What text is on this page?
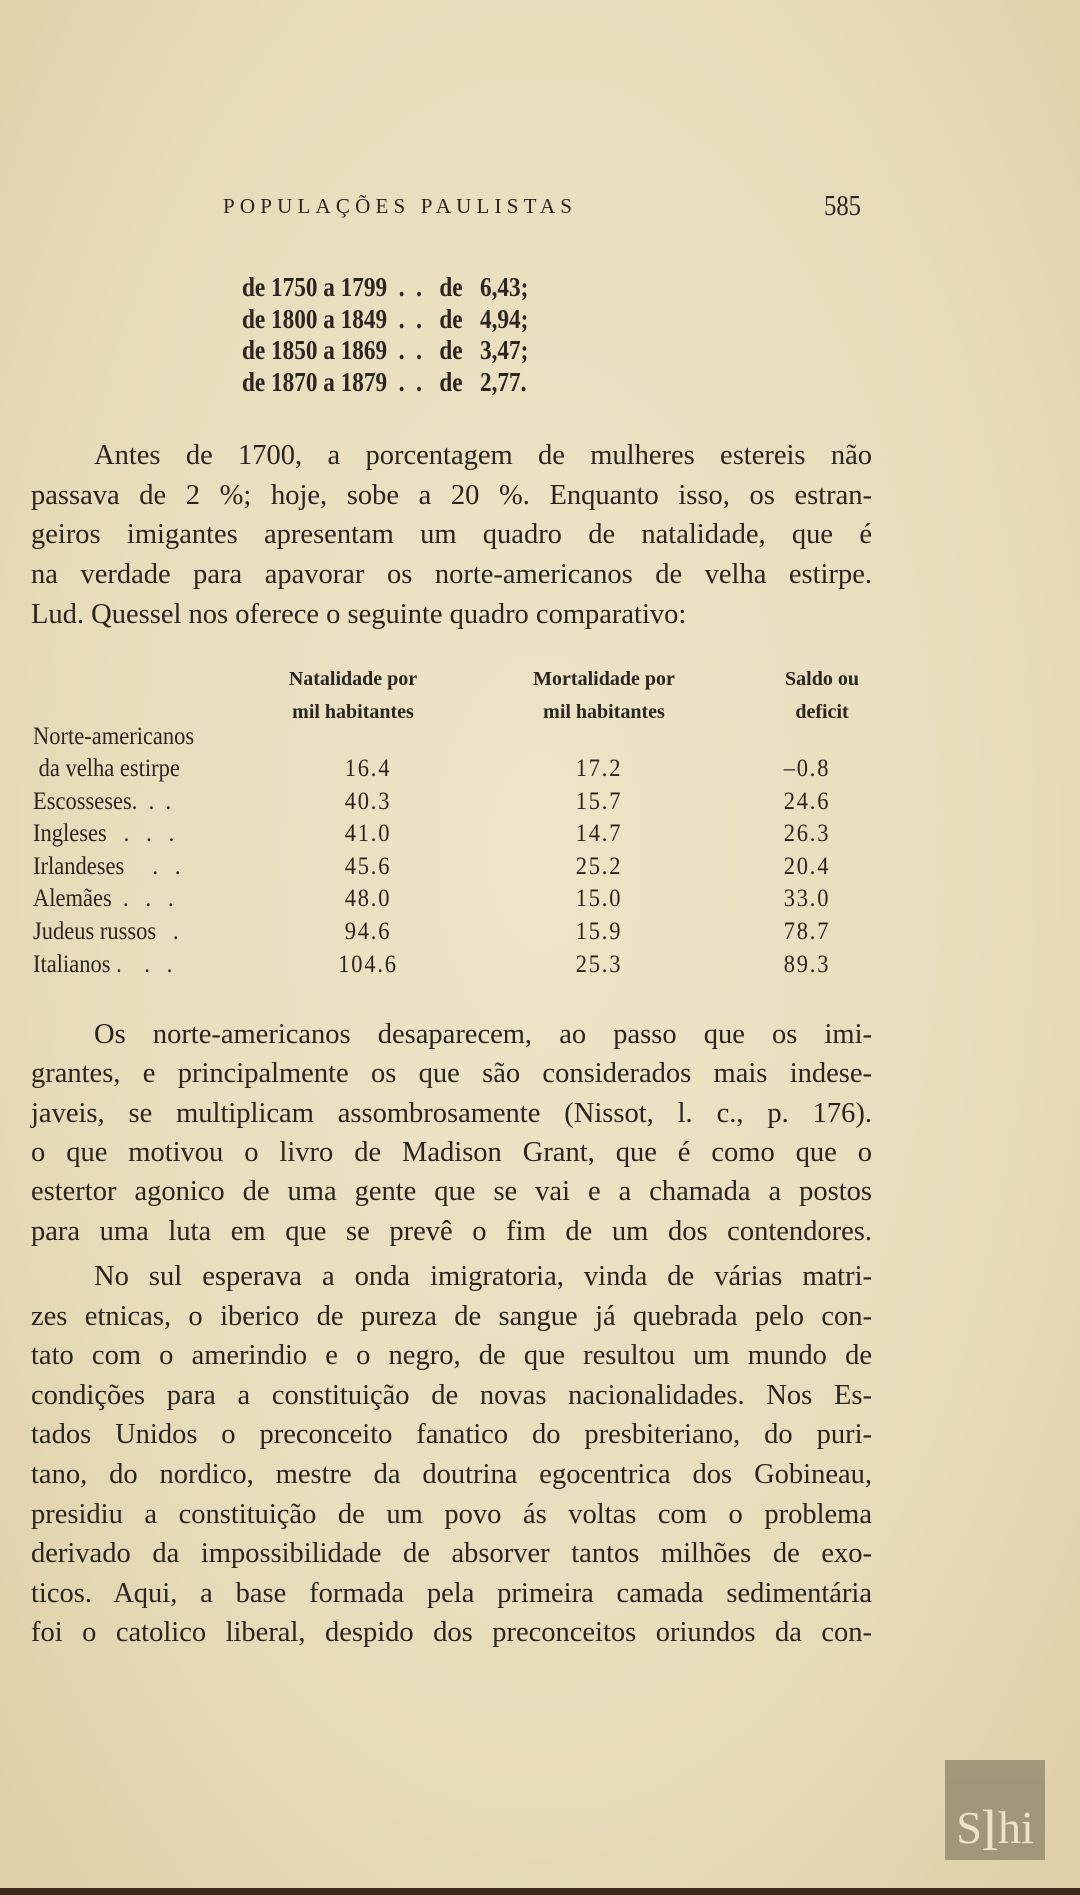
POPULAÇÕES PAULISTAS	585
de 1750 a 1799  .  .   de   6,43;
de 1800 a 1849  .  .   de   4,94;
de 1850 a 1869  .  .   de   3,47;
de 1870 a 1879  .  .   de   2,77.
Antes de 1700, a porcentagem de mulheres estereis não
passava de 2 %; hoje, sobe a 20 %. Enquanto isso, os estran-
geiros imigantes apresentam um quadro de natalidade, que é
na verdade para apavorar os norte-americanos de velha estirpe.
Lud. Quessel nos oferece o seguinte quadro comparativo:
Natalidade por
mil habitantes
Mortalidade por
mil habitantes
Saldo ou
deficit
Norte-americanos
da velha estirpe	16.4	17.2	–0.8
Escosseses.  .  .	40.3	15.7	24.6
Ingleses   .   .   .	41.0	14.7	26.3
Irlandeses     .   .	45.6	25.2	20.4
Alemães  .   .   .	48.0	15.0	33.0
Judeus russos   .	94.6	15.9	78.7
Italianos .    .   .	104.6	25.3	89.3
Os norte-americanos desaparecem, ao passo que os imi-
grantes, e principalmente os que são considerados mais indese-
javeis, se multiplicam assombrosamente (Nissot, l. c., p. 176).
o que motivou o livro de Madison Grant, que é como que o
estertor agonico de uma gente que se vai e a chamada a postos
para uma luta em que se prevê o fim de um dos contendores.
No sul esperava a onda imigratoria, vinda de várias matri-
zes etnicas, o iberico de pureza de sangue já quebrada pelo con-
tato com o amerindio e o negro, de que resultou um mundo de
condições para a constituição de novas nacionalidades. Nos Es-
tados Unidos o preconceito fanatico do presbiteriano, do puri-
tano, do nordico, mestre da doutrina egocentrica dos Gobineau,
presidiu a constituição de um povo ás voltas com o problema
derivado da impossibilidade de absorver tantos milhões de exo-
ticos. Aqui, a base formada pela primeira camada sedimentária
foi o catolico liberal, despido dos preconceitos oriundos da con-
S l hi
